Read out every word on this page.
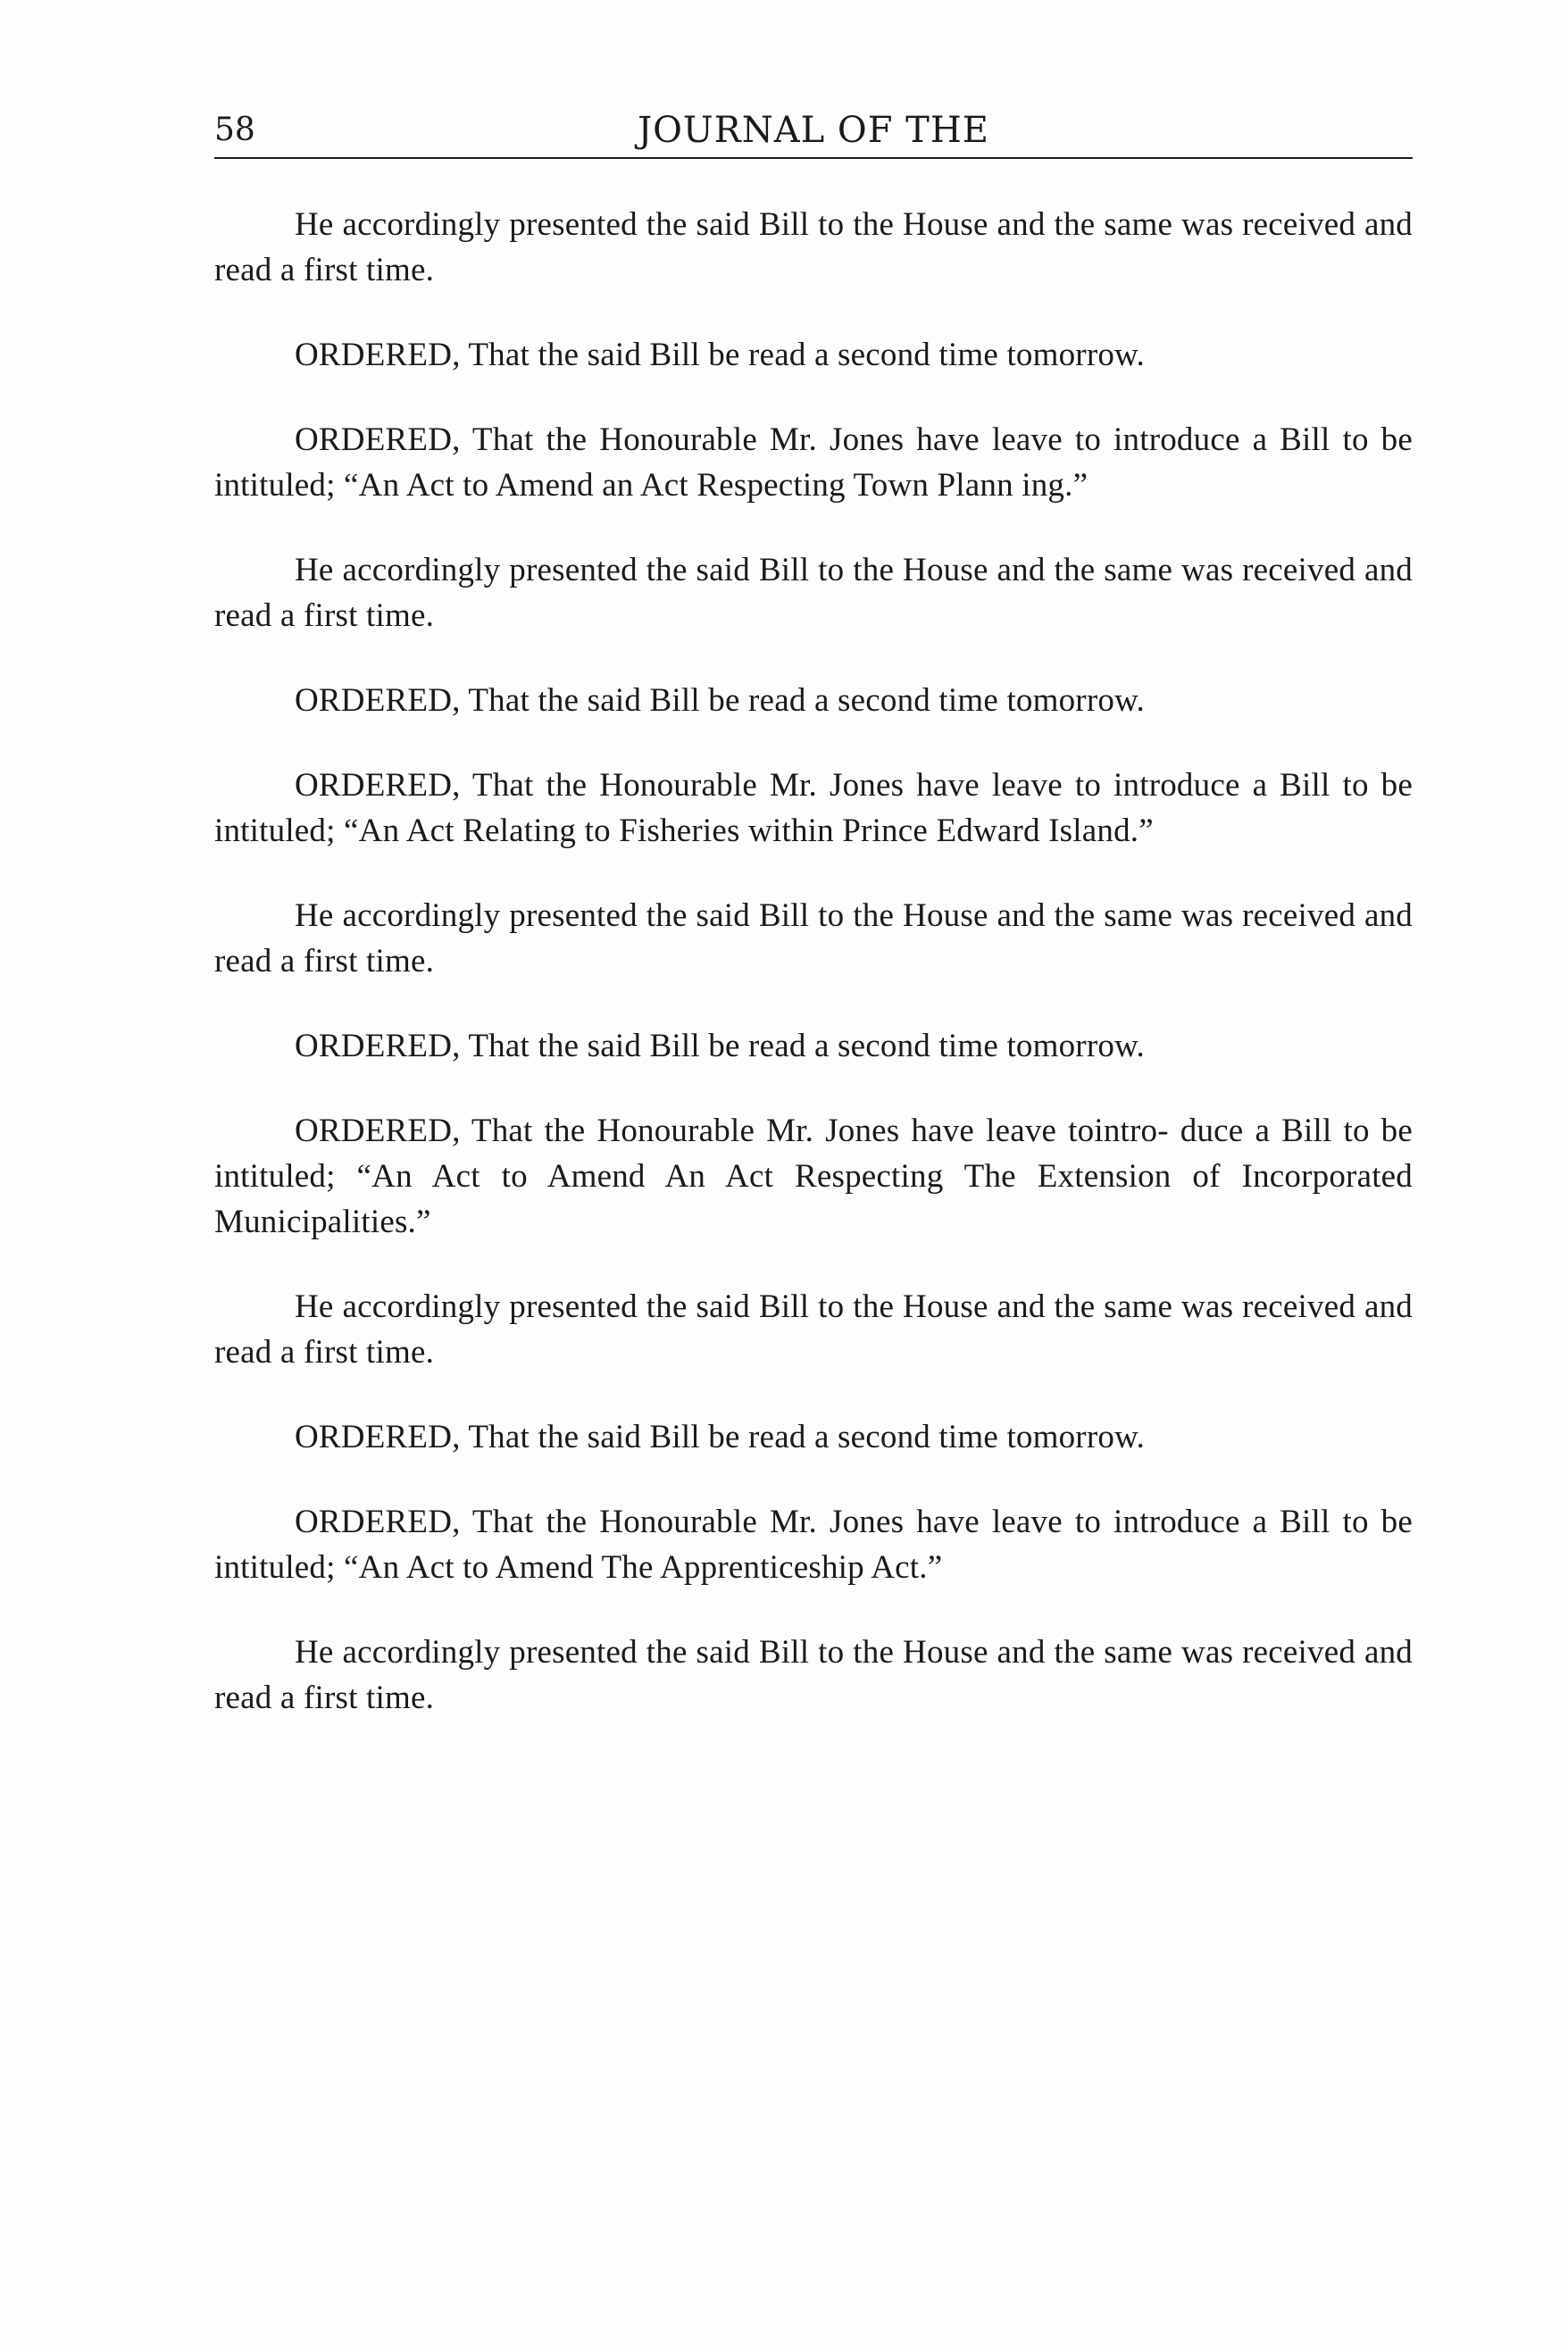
58	JOURNAL OF THE

He accordingly presented the said Bill to the House and the same was received and read a first time.

ORDERED, That the said Bill be read a second time tomorrow.

ORDERED, That the Honourable Mr. Jones have leave to introduce a Bill to be intituled; “An Act to Amend an Act Respecting Town Plann ing.”

He accordingly presented the said Bill to the House and the same was received and read a first time.

ORDERED, That the said Bill be read a second time tomorrow.

ORDERED, That the Honourable Mr. Jones have leave to introduce a Bill to be intituled; “An Act Relating to Fisheries within Prince Edward Island.”

He accordingly presented the said Bill to the House and the same was received and read a first time.

ORDERED, That the said Bill be read a second time tomorrow.

ORDERED, That the Honourable Mr. Jones have leave tointro- duce a Bill to be intituled; “An Act to Amend An Act Respecting The Extension of Incorporated Municipalities.”

He accordingly presented the said Bill to the House and the same was received and read a first time.

ORDERED, That the said Bill be read a second time tomorrow.

ORDERED, That the Honourable Mr. Jones have leave to introduce a Bill to be intituled; “An Act to Amend The Apprenticeship Act.”

He accordingly presented the said Bill to the House and the same was received and read a first time.
